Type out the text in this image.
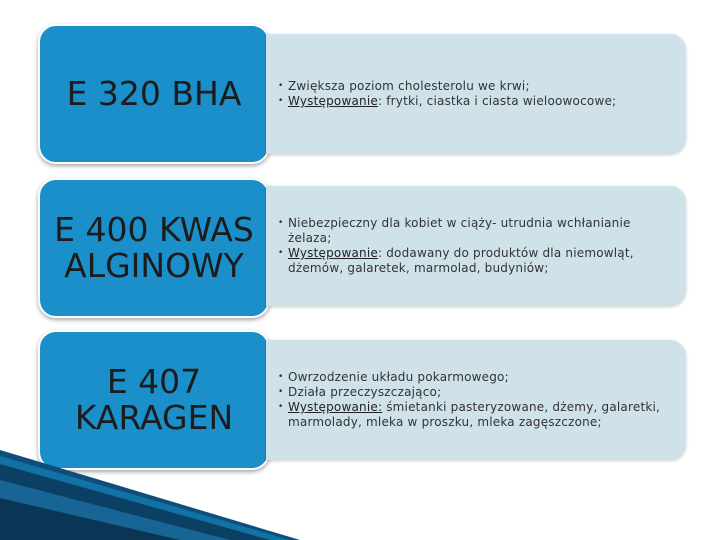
E 320 BHA
•	Zwiększa poziom cholesterolu we krwi;
• Występowanie: frytki, ciastka i ciasta wieloowocowe;
E 400 KWAS
ALGINOWY
• Niebezpieczny dla kobiet w ciąży- utrudnia wchłanianie żelaza;
• Występowanie: dodawany do produktów dla niemowląt, dżemów, galaretek, marmolad, budyniów;
E 407
KARAGEN
• Owrzodzenie układu pokarmowego;
• Działa przeczyszczająco;
• Występowanie: śmietanki pasteryzowane, dżemy, galaretki, marmolady, mleka w proszku, mleka zagęszczone;
